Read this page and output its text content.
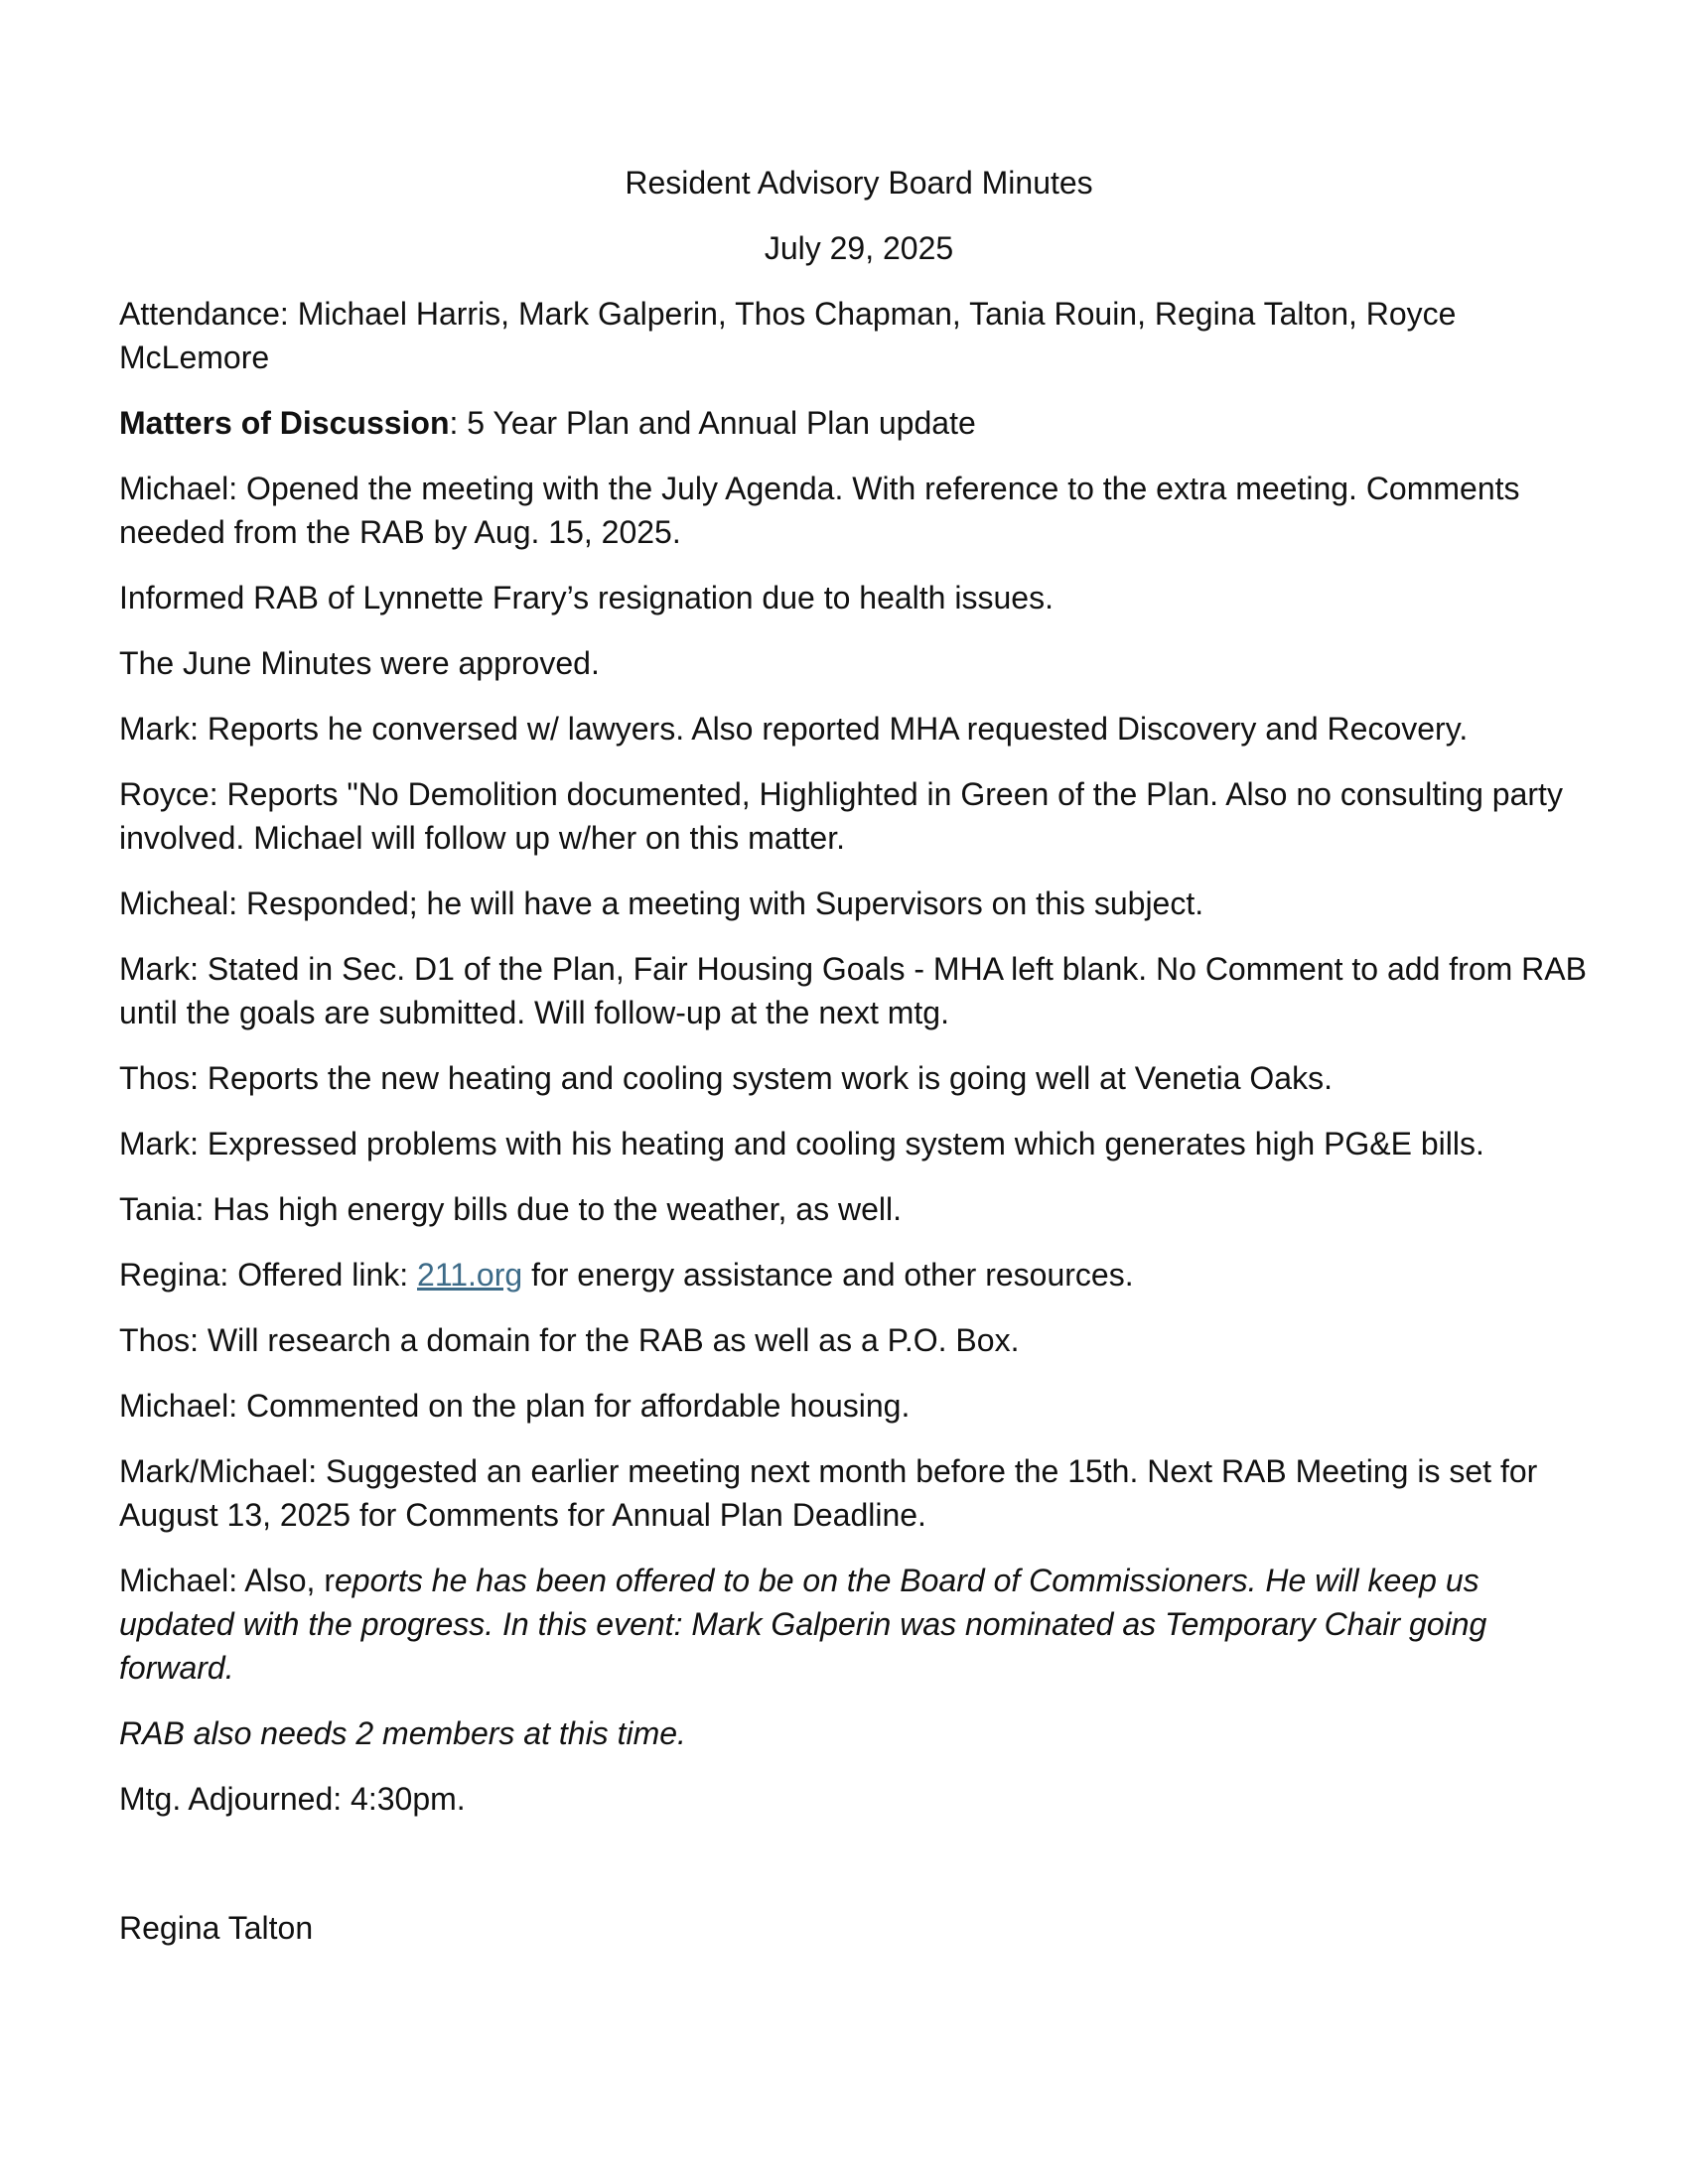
Resident Advisory Board Minutes

July 29, 2025

Attendance: Michael Harris, Mark Galperin, Thos Chapman, Tania Rouin, Regina Talton, Royce McLemore

Matters of Discussion: 5 Year Plan and Annual Plan update

Michael: Opened the meeting with the July Agenda. With reference to the extra meeting. Comments needed from the RAB by Aug. 15, 2025.

Informed RAB of Lynnette Frary’s resignation due to health issues.

The June Minutes were approved.

Mark: Reports he conversed w/ lawyers. Also reported MHA requested Discovery and Recovery.

Royce: Reports "No Demolition documented, Highlighted in Green of the Plan. Also no consulting party involved. Michael will follow up w/her on this matter.

Micheal: Responded; he will have a meeting with Supervisors on this subject.

Mark: Stated in Sec. D1 of the Plan, Fair Housing Goals - MHA left blank. No Comment to add from RAB until the goals are submitted. Will follow-up at the next mtg.

Thos: Reports the new heating and cooling system work is going well at Venetia Oaks.

Mark: Expressed problems with his heating and cooling system which generates high PG&E bills.

Tania: Has high energy bills due to the weather, as well.

Regina: Offered link: 211.org for energy assistance and other resources.

Thos: Will research a domain for the RAB as well as a P.O. Box.

Michael: Commented on the plan for affordable housing.

Mark/Michael: Suggested an earlier meeting next month before the 15th. Next RAB Meeting is set for August 13, 2025 for Comments for Annual Plan Deadline.

Michael: Also, reports he has been offered to be on the Board of Commissioners. He will keep us updated with the progress. In this event: Mark Galperin was nominated as Temporary Chair going forward.

RAB also needs 2 members at this time.

Mtg. Adjourned: 4:30pm.

Regina Talton
